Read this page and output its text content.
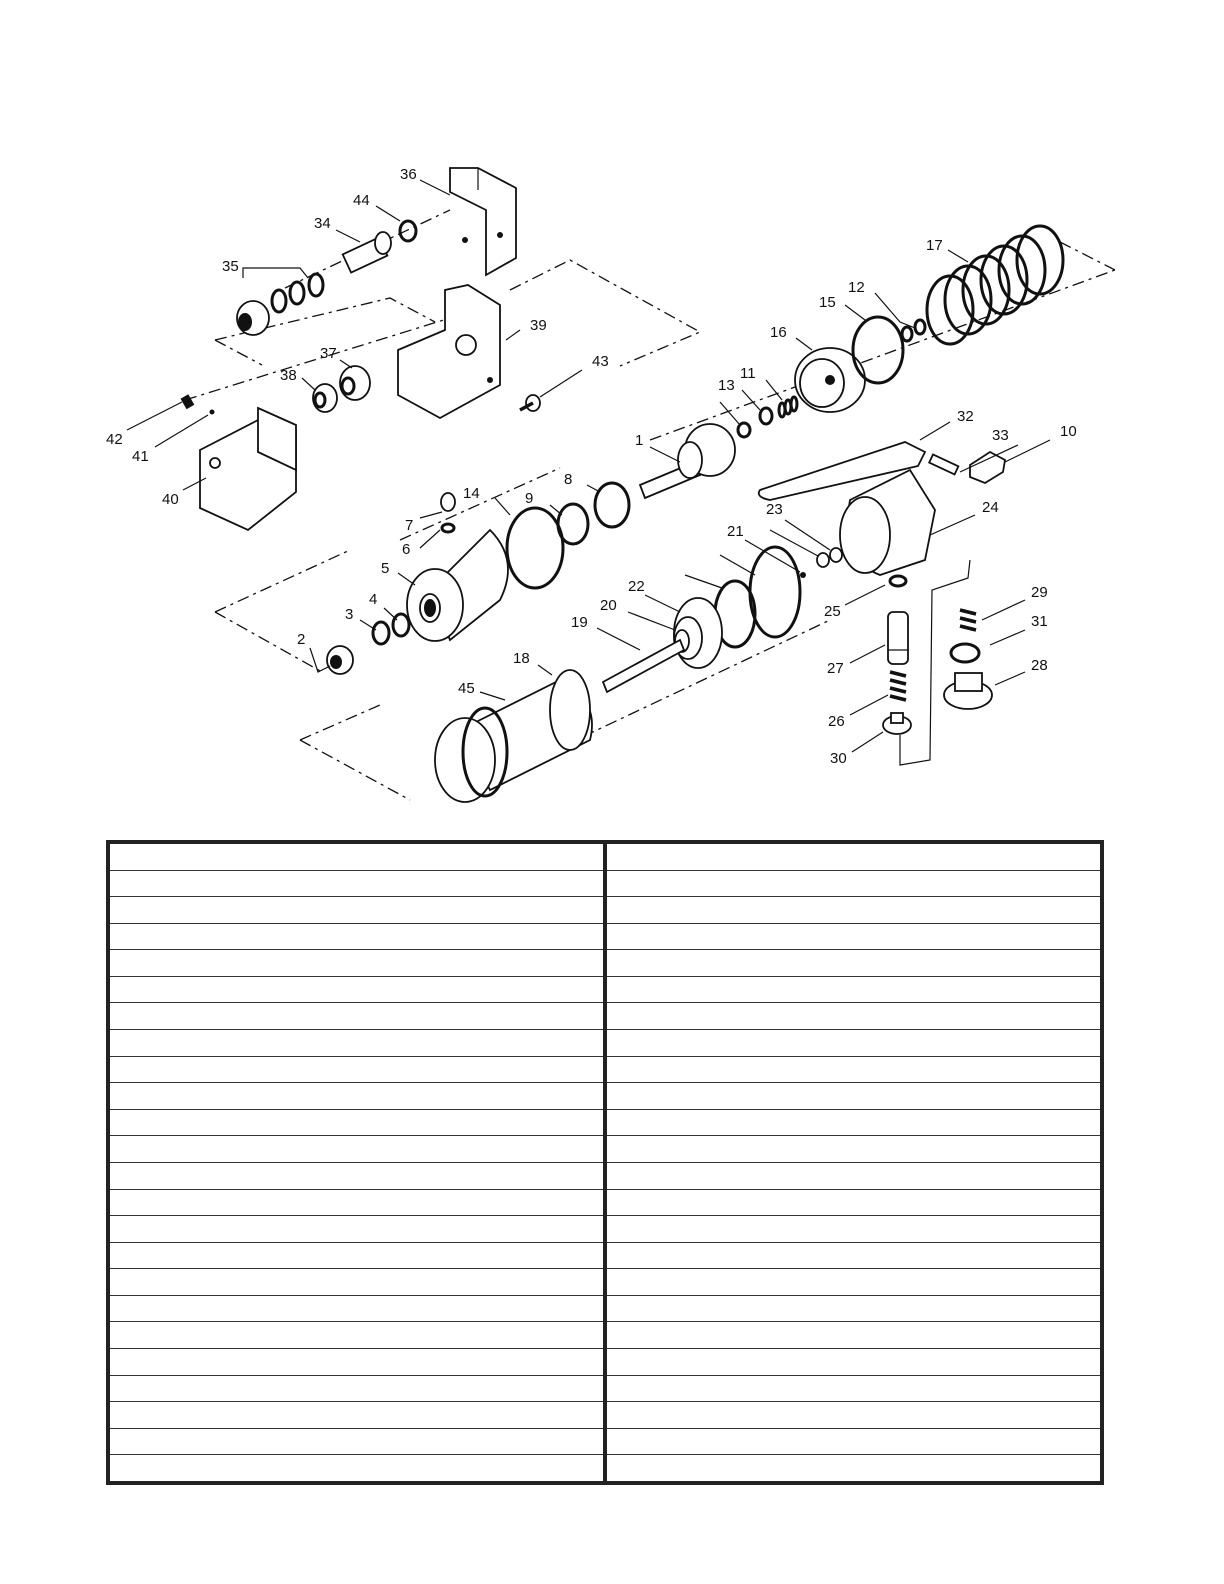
36
44
34
35
37
38
39
43
42
41
40
1
2
3
4
5
6
7
8
9
10
11
12
13
14
15
16
17
18
19
20
21
22
23	24
25
26
27	28
29
30
31
32
33
45
